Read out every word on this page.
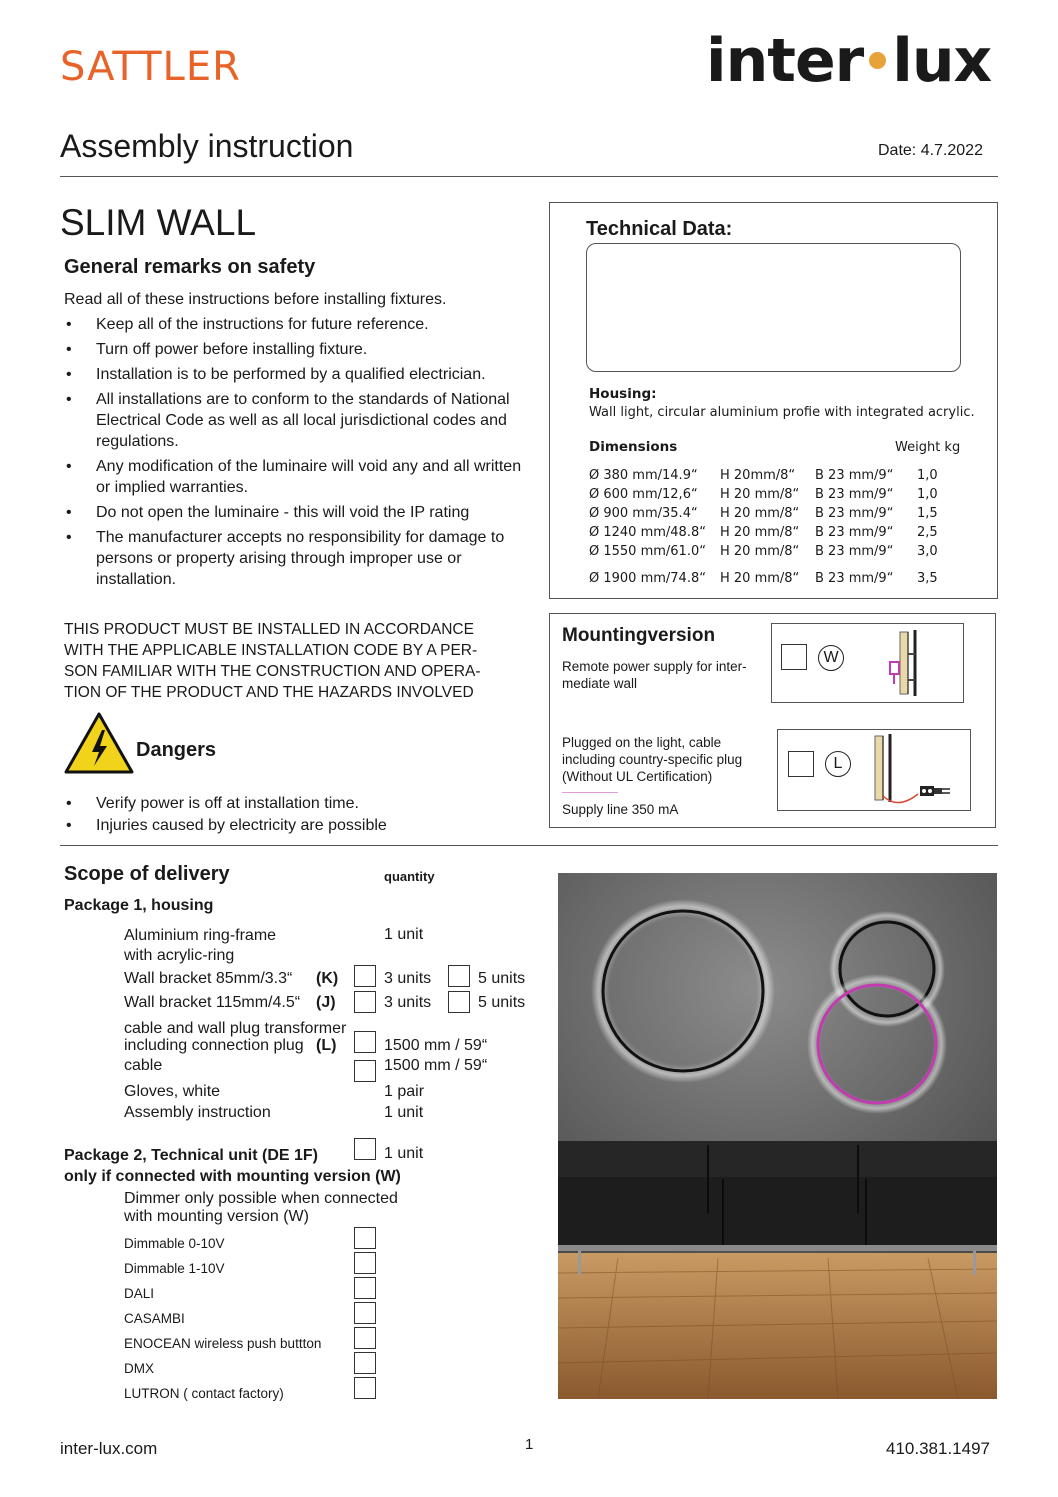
SATTLER	inter lux
Assembly instruction	Date: 4.7.2022
SLIM WALL
General remarks on safety
Read all of these instructions before installing fixtures.
• Keep all of the instructions for future reference.
• Turn off power before installing fixture.
• Installation is to be performed by a qualified electrician.
• All installations are to conform to the standards of National Electrical Code as well as all local jurisdictional codes and regulations.
• Any modification of the luminaire will void any and all written or implied warranties.
• Do not open the luminaire - this will void the IP rating
• The manufacturer accepts no responsibility for damage to persons or property arising through improper use or installation.
THIS PRODUCT MUST BE INSTALLED IN ACCORDANCE
WITH THE APPLICABLE INSTALLATION CODE BY A PER-
SON FAMILIAR WITH THE CONSTRUCTION AND OPERA-
TION OF THE PRODUCT AND THE HAZARDS INVOLVED
Dangers
• Verify power is off at installation time.
• Injuries caused by electricity are possible
Technical Data:
Housing:
Wall light, circular aluminium profie with integrated acrylic.
Dimensions	Weight kg
Ø 380 mm/14.9“	H 20mm/8“	B 23 mm/9“	1,0
Ø 600 mm/12,6“	H 20 mm/8“	B 23 mm/9“	1,0
Ø 900 mm/35.4“	H 20 mm/8“	B 23 mm/9“	1,5
Ø 1240 mm/48.8“	H 20 mm/8“	B 23 mm/9“	2,5
Ø 1550 mm/61.0“	H 20 mm/8“	B 23 mm/9“	3,0
Ø 1900 mm/74.8“	H 20 mm/8“	B 23 mm/9“	3,5
Mountingversion
Remote power supply for inter-
mediate wall
W
Plugged on the light, cable
including country-specific plug
(Without UL Certification)
Supply line 350 mA
L
Scope of delivery	quantity
Package 1, housing
Aluminium ring-frame
with acrylic-ring
1 unit
Wall bracket 85mm/3.3“ (K)	3 units	5 units
Wall bracket 115mm/4.5“ (J)	3 units	5 units
cable and wall plug transformer
including connection plug (L)	1500 mm / 59“
cable	1500 mm / 59“
Gloves, white	1 pair
Assembly instruction	1 unit
Package 2, Technical unit (DE 1F)
only if connected with mounting version (W)
1 unit
Dimmer only possible when connected
with mounting version (W)
Dimmable 0-10V
Dimmable 1-10V
DALI
CASAMBI
ENOCEAN wireless push buttton
DMX
LUTRON ( contact factory)
inter-lux.com	1	410.381.1497
